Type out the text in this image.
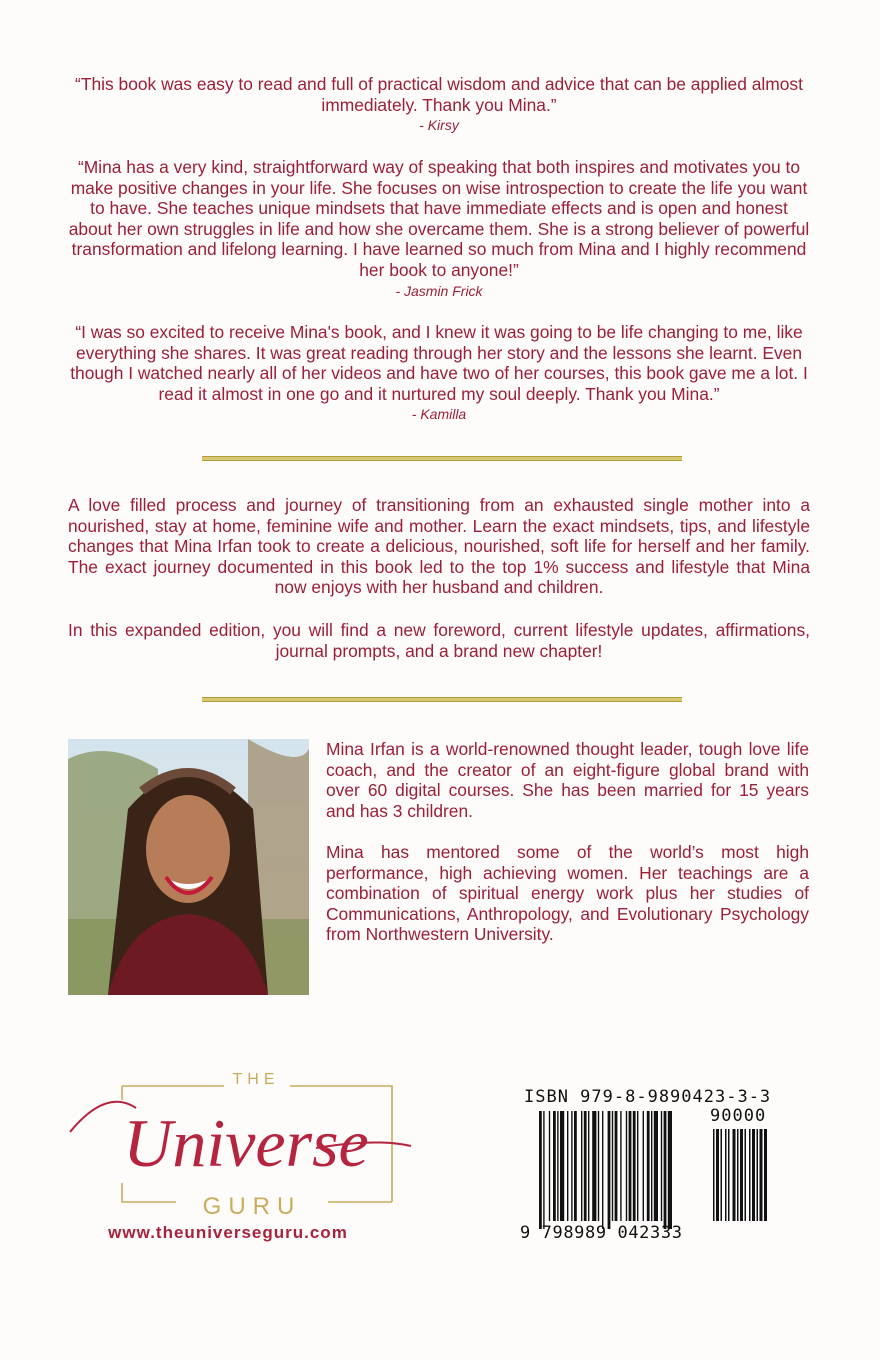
“This book was easy to read and full of practical wisdom and advice that can be applied almost immediately. Thank you Mina.”
- Kirsy
“Mina has a very kind, straightforward way of speaking that both inspires and motivates you to make positive changes in your life. She focuses on wise introspection to create the life you want to have. She teaches unique mindsets that have immediate effects and is open and honest about her own struggles in life and how she overcame them. She is a strong believer of powerful transformation and lifelong learning. I have learned so much from Mina and I highly recommend her book to anyone!”
- Jasmin Frick
“I was so excited to receive Mina's book, and I knew it was going to be life changing to me, like everything she shares. It was great reading through her story and the lessons she learnt. Even though I watched nearly all of her videos and have two of her courses, this book gave me a lot. I read it almost in one go and it nurtured my soul deeply. Thank you Mina.”
- Kamilla
A love filled process and journey of transitioning from an exhausted single mother into a nourished, stay at home, feminine wife and mother. Learn the exact mindsets, tips, and lifestyle changes that Mina Irfan took to create a delicious, nourished, soft life for herself and her family. The exact journey documented in this book led to the top 1% success and lifestyle that Mina now enjoys with her husband and children.
In this expanded edition, you will find a new foreword, current lifestyle updates, affirmations, journal prompts, and a brand new chapter!
Mina Irfan is a world-renowned thought leader, tough love life coach, and the creator of an eight-figure global brand with over 60 digital courses. She has been married for 15 years and has 3 children.
Mina has mentored some of the world’s most high performance, high achieving women. Her teachings are a combination of spiritual energy work plus her studies of Communications, Anthropology, and Evolutionary Psychology from Northwestern University.
THE
Universe
GURU
www.theuniverseguru.com
ISBN 979-8-9890423-3-3
90000
9 798989 042333
